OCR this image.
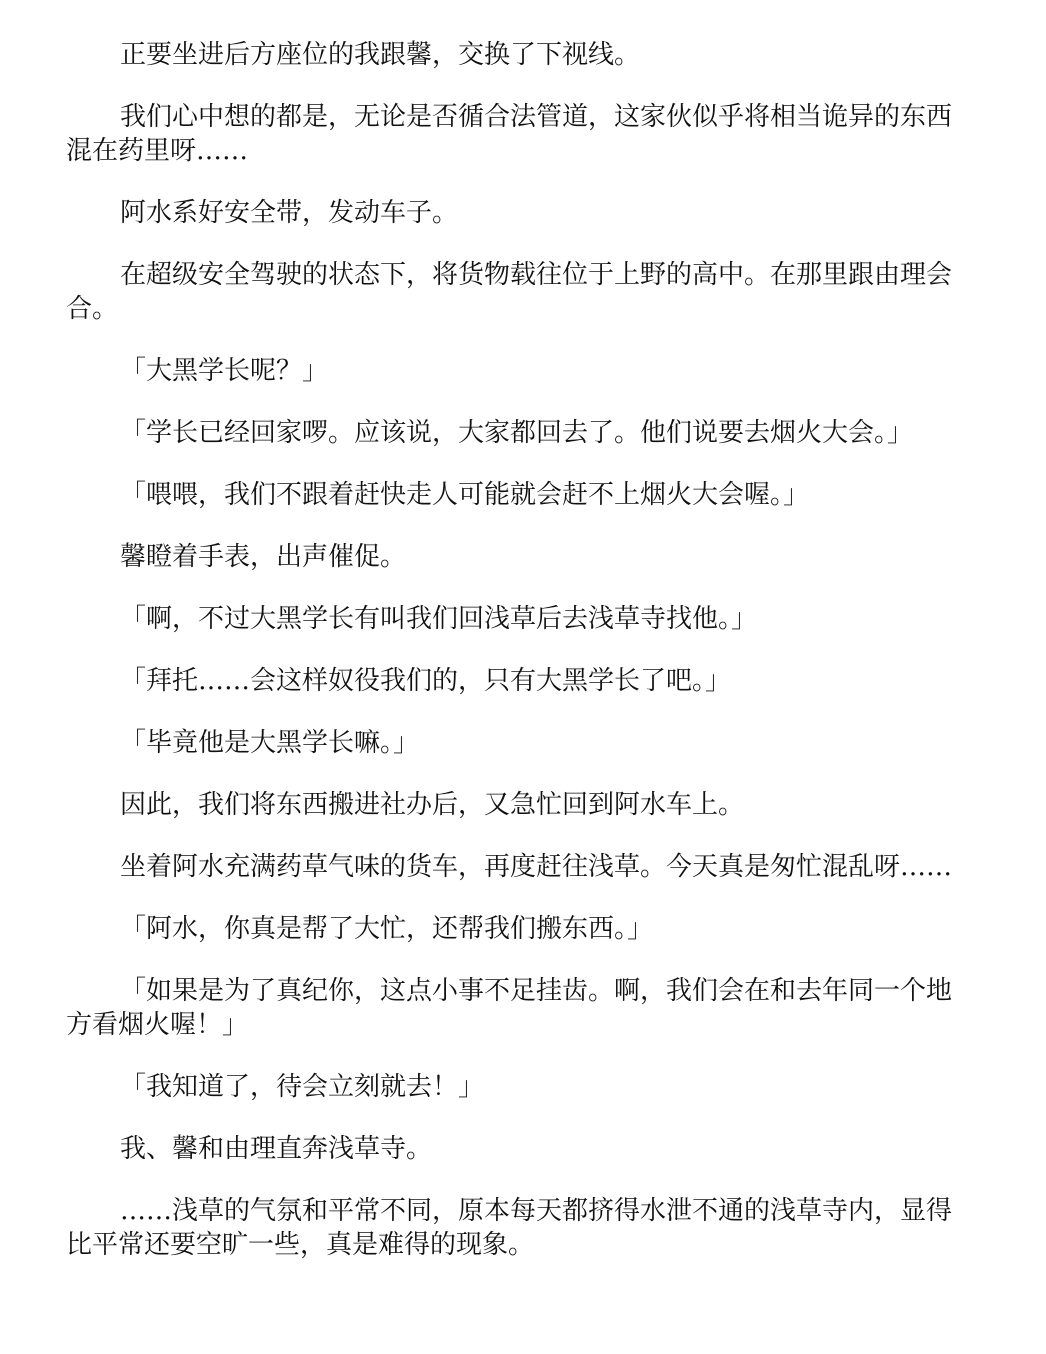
正要坐进后方座位的我跟馨，交换了下视线。

我们心中想的都是，无论是否循合法管道，这家伙似乎将相当诡异的东西混在药里呀……

阿水系好安全带，发动车子。

在超级安全驾驶的状态下，将货物载往位于上野的高中。在那里跟由理会合。

「大黑学长呢？」

「学长已经回家啰。应该说，大家都回去了。他们说要去烟火大会。」

「喂喂，我们不跟着赶快走人可能就会赶不上烟火大会喔。」

馨瞪着手表，出声催促。

「啊，不过大黑学长有叫我们回浅草后去浅草寺找他。」

「拜托……会这样奴役我们的，只有大黑学长了吧。」

「毕竟他是大黑学长嘛。」

因此，我们将东西搬进社办后，又急忙回到阿水车上。

坐着阿水充满药草气味的货车，再度赶往浅草。今天真是匆忙混乱呀……

「阿水，你真是帮了大忙，还帮我们搬东西。」

「如果是为了真纪你，这点小事不足挂齿。啊，我们会在和去年同一个地方看烟火喔！」

「我知道了，待会立刻就去！」

我、馨和由理直奔浅草寺。

……浅草的气氛和平常不同，原本每天都挤得水泄不通的浅草寺内，显得比平常还要空旷一些，真是难得的现象。
